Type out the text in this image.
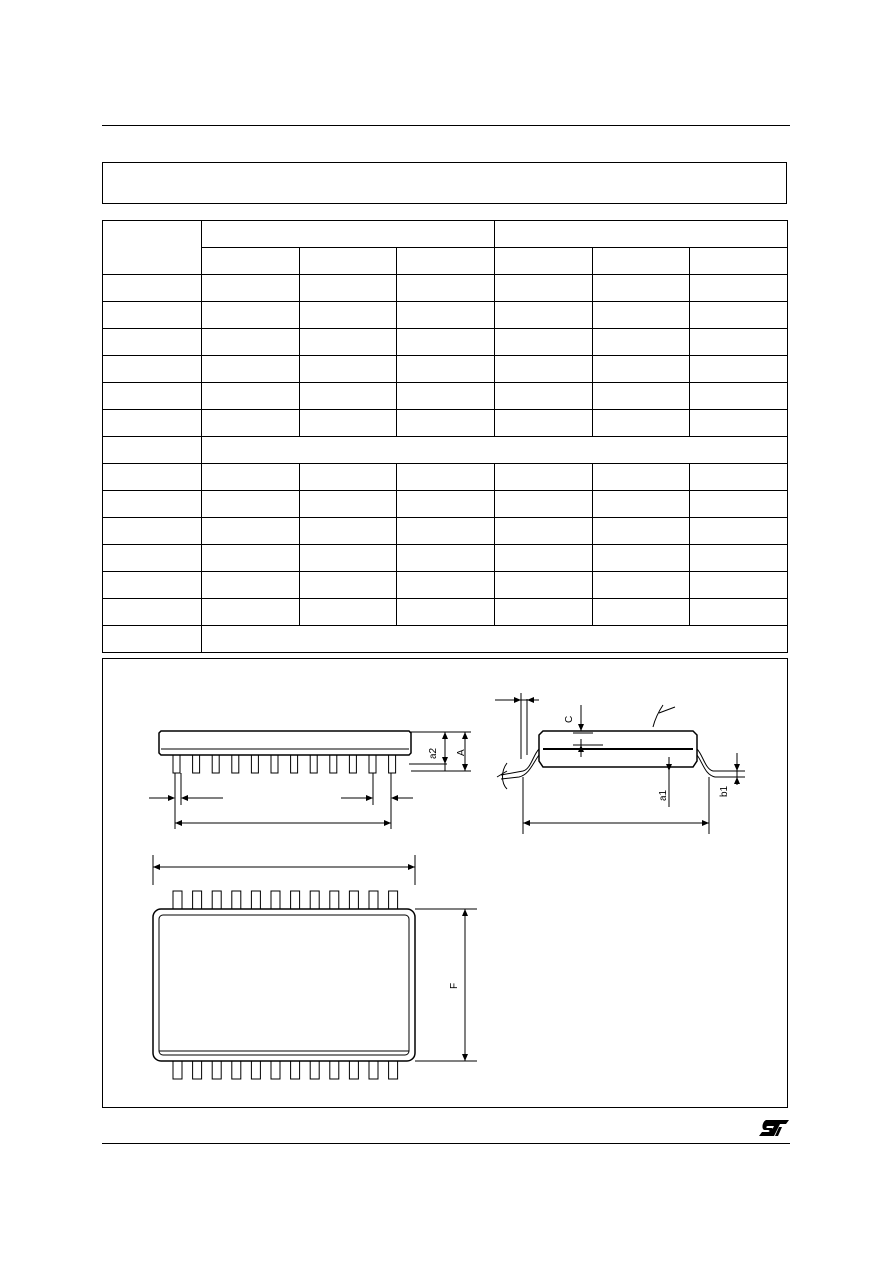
a2 A
C
a1	b1
F
